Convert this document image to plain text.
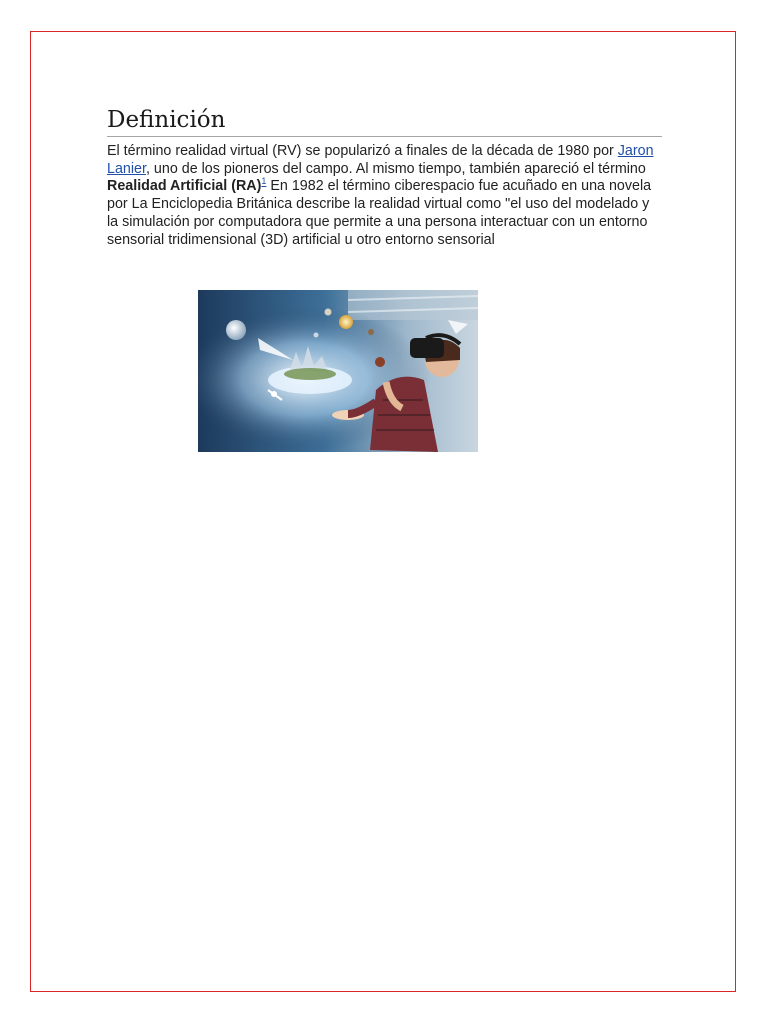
Definición

El término realidad virtual (RV) se popularizó a finales de la década de 1980 por Jaron Lanier, uno de los pioneros del campo. Al mismo tiempo, también apareció el término Realidad Artificial (RA)$^1$ En 1982 el término ciberespacio fue acuñado en una novela por La Enciclopedia Británica describe la realidad virtual como "el uso del modelado y la simulación por computadora que permite a una persona interactuar con un entorno sensorial tridimensional (3D) artificial u otro entorno sensorial
